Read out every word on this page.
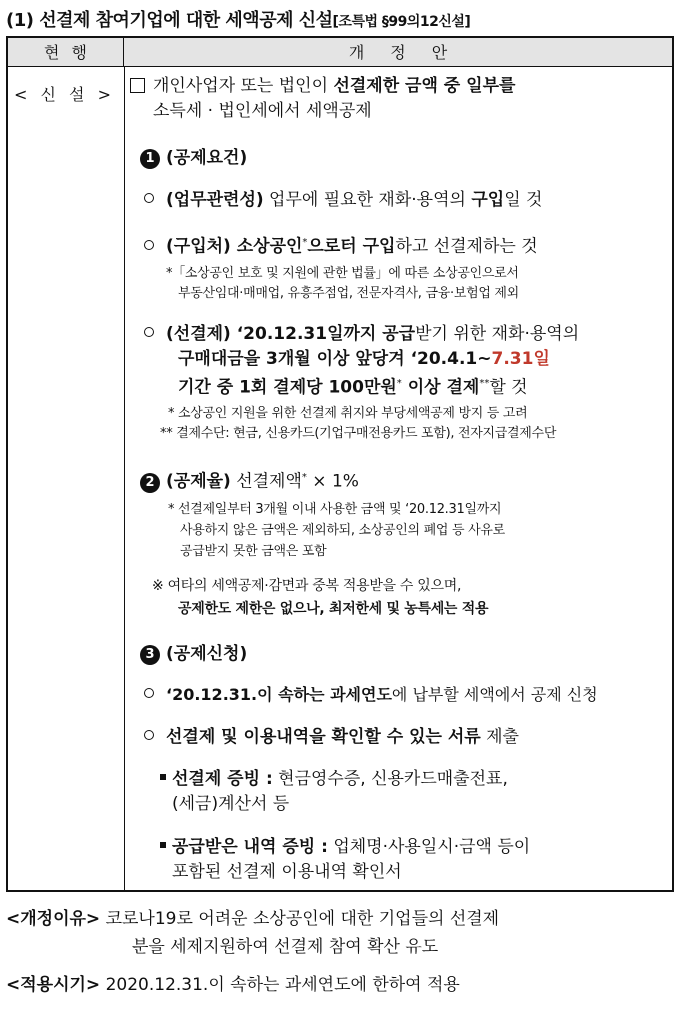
(1) 선결제 참여기업에 대한 세액공제 신설[조특법 §99의12신설]
현행	개정안
< 신 설 >	개인사업자 또는 법인이 선결제한 금액 중 일부를
소득세 · 법인세에서 세액공제
1 (공제요건)
(업무관련성) 업무에 필요한 재화·용역의 구입일 것
(구입처) 소상공인*으로터 구입하고 선결제하는 것
*「소상공인 보호 및 지원에 관한 법률」에 따른 소상공인으로서
부동산임대·매매업, 유흥주점업, 전문자격사, 금융·보험업 제외
(선결제) ‘20.12.31일까지 공급받기 위한 재화·용역의
구매대금을 3개월 이상 앞당겨 ‘20.4.1~7.31일
기간 중 1회 결제당 100만원* 이상 결제**할 것
* 소상공인 지원을 위한 선결제 취지와 부당세액공제 방지 등 고려
** 결제수단: 현금, 신용카드(기업구매전용카드 포함), 전자지급결제수단
2 (공제율) 선결제액* × 1%
* 선결제일부터 3개월 이내 사용한 금액 및 ‘20.12.31일까지
사용하지 않은 금액은 제외하되, 소상공인의 폐업 등 사유로
공급받지 못한 금액은 포함
※ 여타의 세액공제·감면과 중복 적용받을 수 있으며,
공제한도 제한은 없으나, 최저한세 및 농특세는 적용
3 (공제신청)
‘20.12.31.이 속하는 과세연도에 납부할 세액에서 공제 신청
선결제 및 이용내역을 확인할 수 있는 서류 제출
선결제 증빙 : 현금영수증, 신용카드매출전표,
(세금)계산서 등
공급받은 내역 증빙 : 업체명·사용일시·금액 등이
포함된 선결제 이용내역 확인서
<개정이유> 코로나19로 어려운 소상공인에 대한 기업들의 선결제
분을 세제지원하여 선결제 참여 확산 유도
<적용시기> 2020.12.31.이 속하는 과세연도에 한하여 적용
